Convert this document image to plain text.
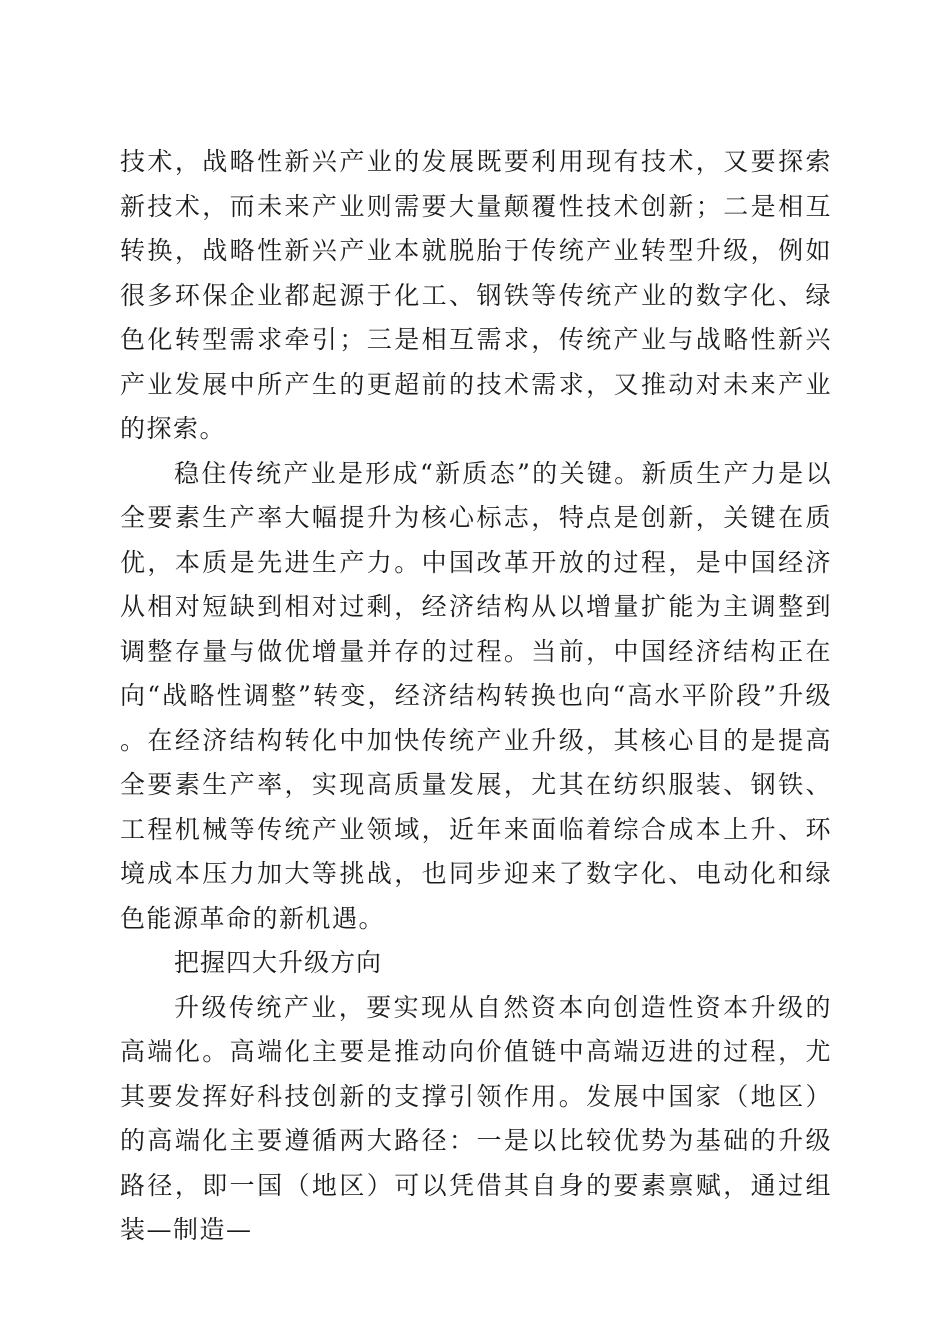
技术，战略性新兴产业的发展既要利用现有技术，又要探索新技术，而未来产业则需要大量颠覆性技术创新；二是相互转换，战略性新兴产业本就脱胎于传统产业转型升级，例如很多环保企业都起源于化工、钢铁等传统产业的数字化、绿色化转型需求牵引；三是相互需求，传统产业与战略性新兴产业发展中所产生的更超前的技术需求，又推动对未来产业的探索。

稳住传统产业是形成“新质态”的关键。新质生产力是以全要素生产率大幅提升为核心标志，特点是创新，关键在质优，本质是先进生产力。中国改革开放的过程，是中国经济从相对短缺到相对过剩，经济结构从以增量扩能为主调整到调整存量与做优增量并存的过程。当前，中国经济结构正在向“战略性调整”转变，经济结构转换也向“高水平阶段”升级。在经济结构转化中加快传统产业升级，其核心目的是提高全要素生产率，实现高质量发展，尤其在纺织服装、钢铁、工程机械等传统产业领域，近年来面临着综合成本上升、环境成本压力加大等挑战，也同步迎来了数字化、电动化和绿色能源革命的新机遇。

把握四大升级方向

升级传统产业，要实现从自然资本向创造性资本升级的高端化。高端化主要是推动向价值链中高端迈进的过程，尤其要发挥好科技创新的支撑引领作用。发展中国家（地区）的高端化主要遵循两大路径：一是以比较优势为基础的升级路径，即一国（地区）可以凭借其自身的要素禀赋，通过组装—制造—
